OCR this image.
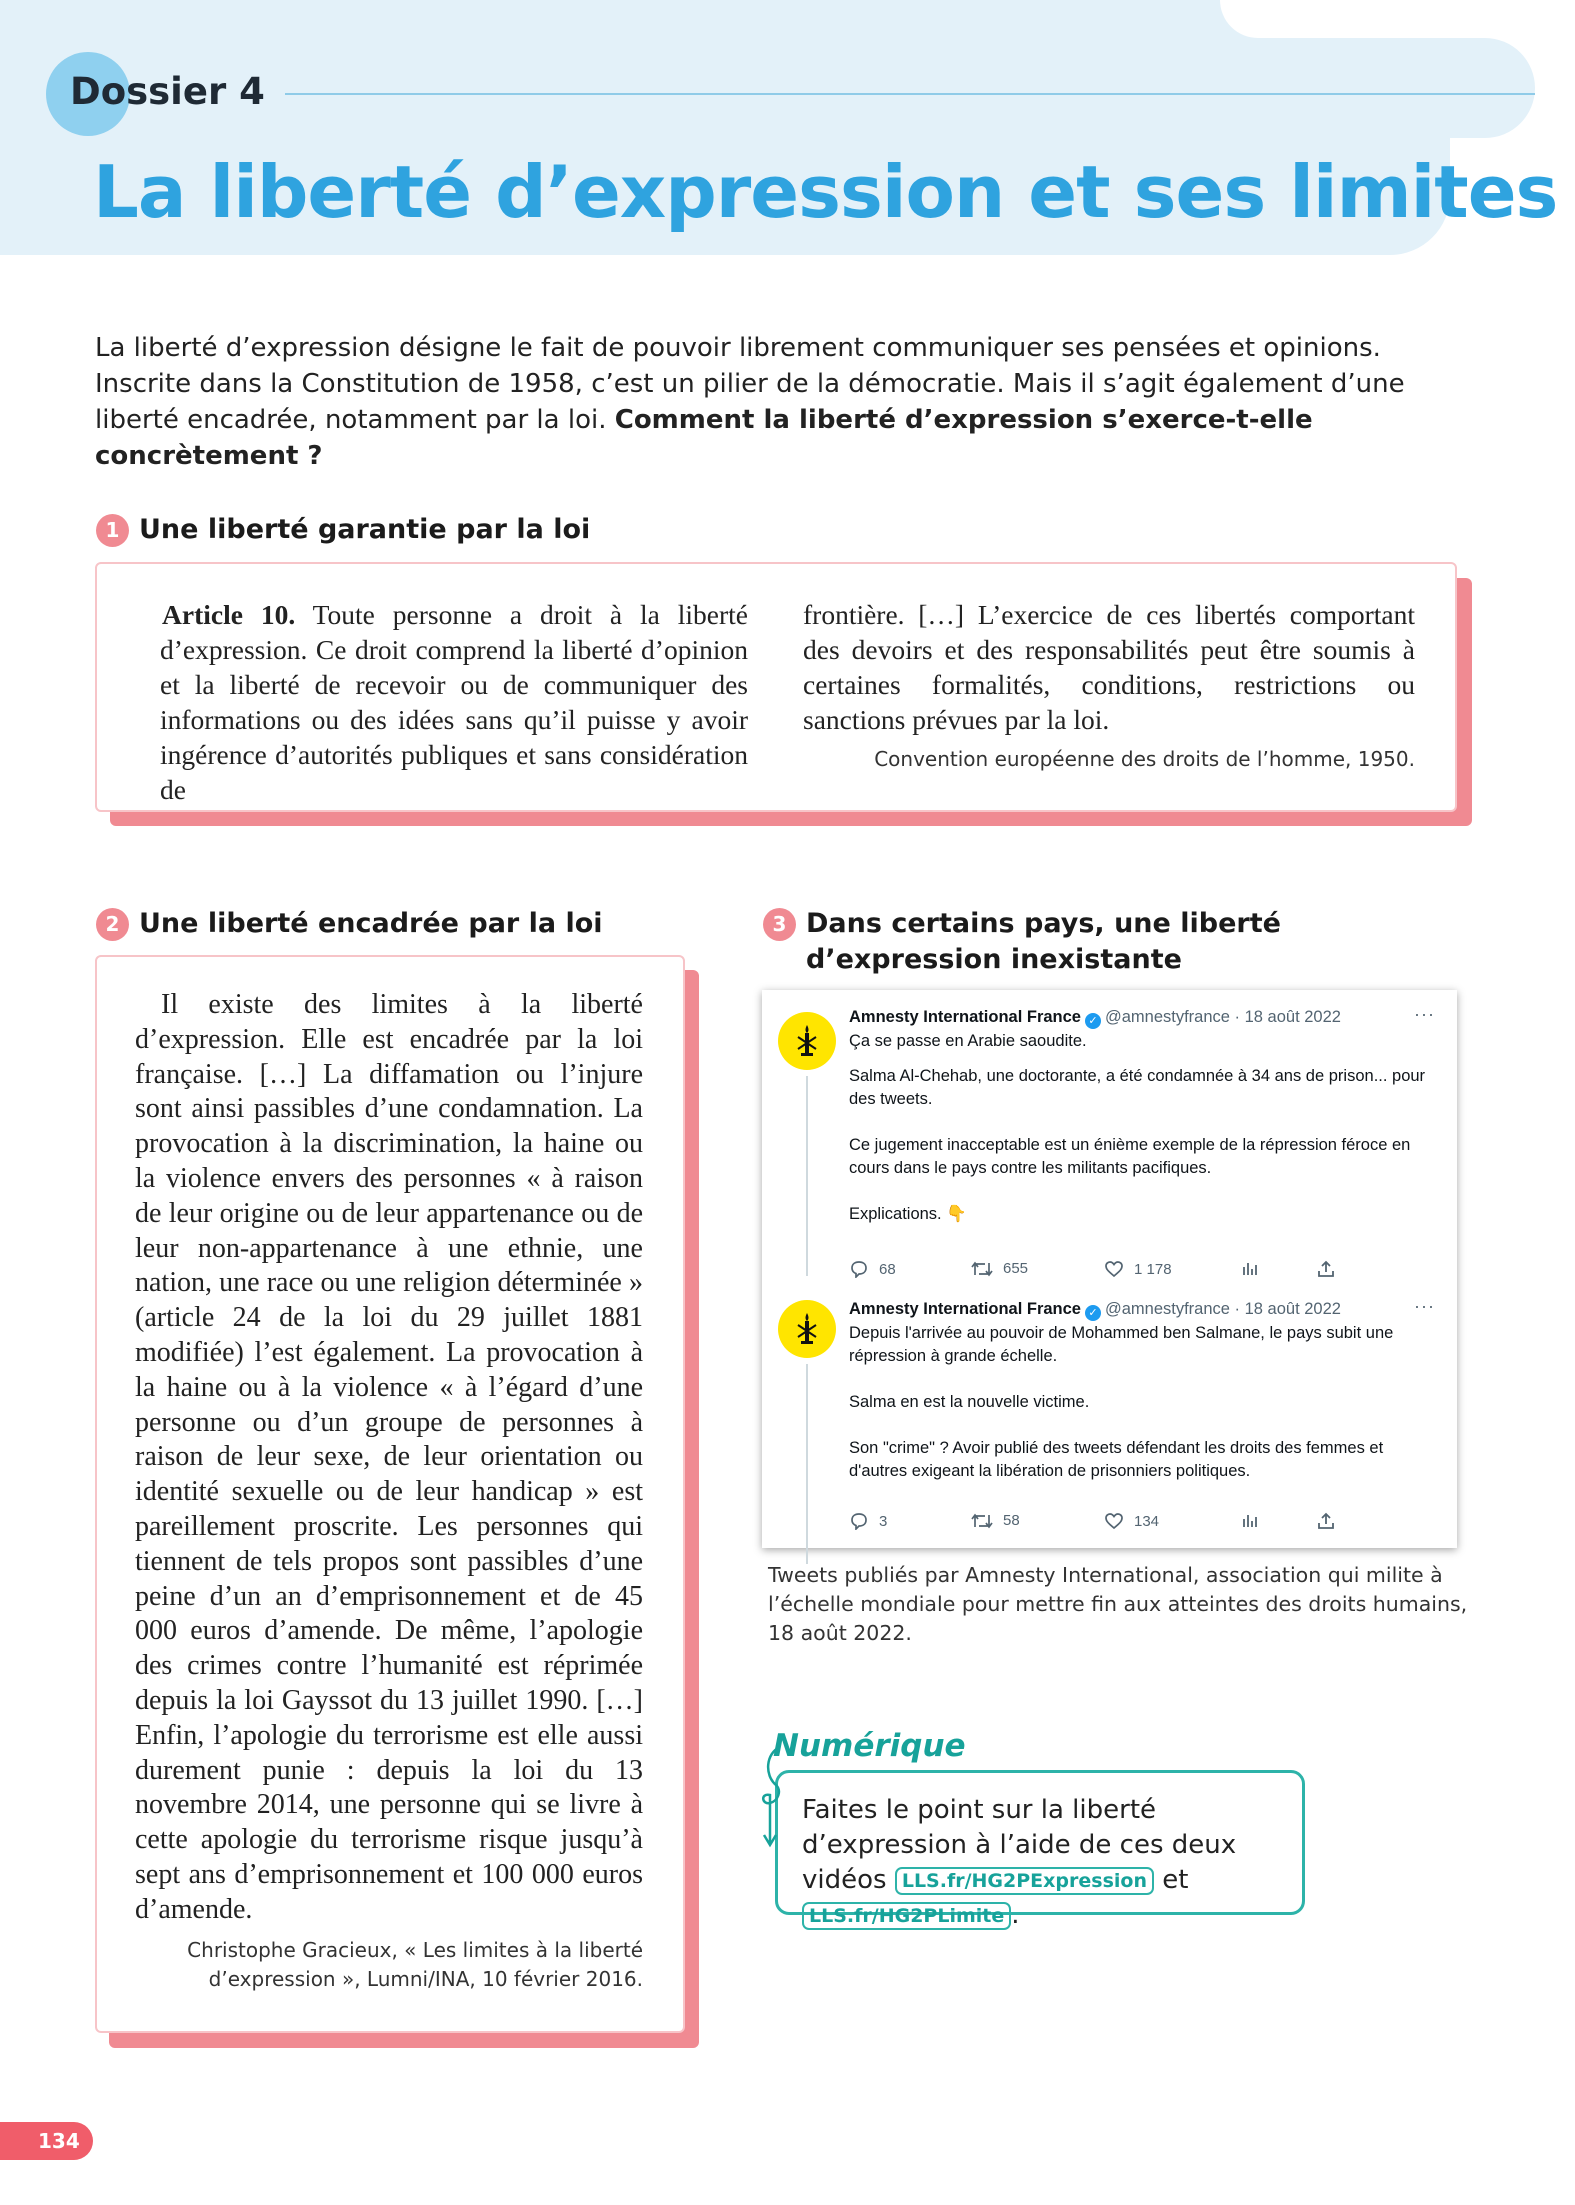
Dossier 4
La liberté d’expression et ses limites

La liberté d’expression désigne le fait de pouvoir librement communiquer ses pensées et opinions. Inscrite dans la Constitution de 1958, c’est un pilier de la démocratie. Mais il s’agit également d’une liberté encadrée, notamment par la loi. Comment la liberté d’expression s’exerce-t-elle concrètement ?

1 Une liberté garantie par la loi
Article 10. Toute personne a droit à la liberté d’expression. Ce droit comprend la liberté d’opinion et la liberté de recevoir ou de communiquer des informations ou des idées sans qu’il puisse y avoir ingérence d’autorités publiques et sans considération de
frontière. […] L’exercice de ces libertés comportant des devoirs et des responsabilités peut être soumis à certaines formalités, conditions, restrictions ou sanctions prévues par la loi.
Convention européenne des droits de l’homme, 1950.
2 Une liberté encadrée par la loi
Il existe des limites à la liberté d’expression. Elle est encadrée par la loi française. […] La diffamation ou l’injure sont ainsi passibles d’une condamnation. La provocation à la discrimination, la haine ou la violence envers des personnes « à raison de leur origine ou de leur appartenance ou de leur non-appartenance à une ethnie, une nation, une race ou une religion déterminée » (article 24 de la loi du 29 juillet 1881 modifiée) l’est également. La provocation à la haine ou à la violence « à l’égard d’une personne ou d’un groupe de personnes à raison de leur sexe, de leur orientation ou identité sexuelle ou de leur handicap » est pareillement proscrite. Les personnes qui tiennent de tels propos sont passibles d’une peine d’un an d’emprisonnement et de 45 000 euros d’amende. De même, l’apologie des crimes contre l’humanité est réprimée depuis la loi Gayssot du 13 juillet 1990. […] Enfin, l’apologie du terrorisme est elle aussi durement punie : depuis la loi du 13 novembre 2014, une personne qui se livre à cette apologie du terrorisme risque jusqu’à sept ans d’emprisonnement et 100 000 euros d’amende.
Christophe Gracieux, « Les limites à la liberté
d’expression », Lumni/INA, 10 février 2016.
3 Dans certains pays, une liberté d’expression inexistante
Amnesty International France ✓ @amnestyfrance · 18 août 2022	···

Ça se passe en Arabie saoudite.

Salma Al-Chehab, une doctorante, a été condamnée à 34 ans de prison... pour des tweets.

Ce jugement inacceptable est un énième exemple de la répression féroce en cours dans le pays contre les militants pacifiques.

Explications. 👇

68	655	1 178
Amnesty International France ✓ @amnestyfrance · 18 août 2022	···

Depuis l'arrivée au pouvoir de Mohammed ben Salmane, le pays subit une répression à grande échelle.

Salma en est la nouvelle victime.

Son "crime" ? Avoir publié des tweets défendant les droits des femmes et d'autres exigeant la libération de prisonniers politiques.

3	58	134
Tweets publiés par Amnesty International, association qui milite à l’échelle mondiale pour mettre fin aux atteintes des droits humains, 18 août 2022.
Numérique
Faites le point sur la liberté d’expression à l’aide de ces deux vidéos LLS.fr/HG2PExpression et LLS.fr/HG2PLimite .
134
